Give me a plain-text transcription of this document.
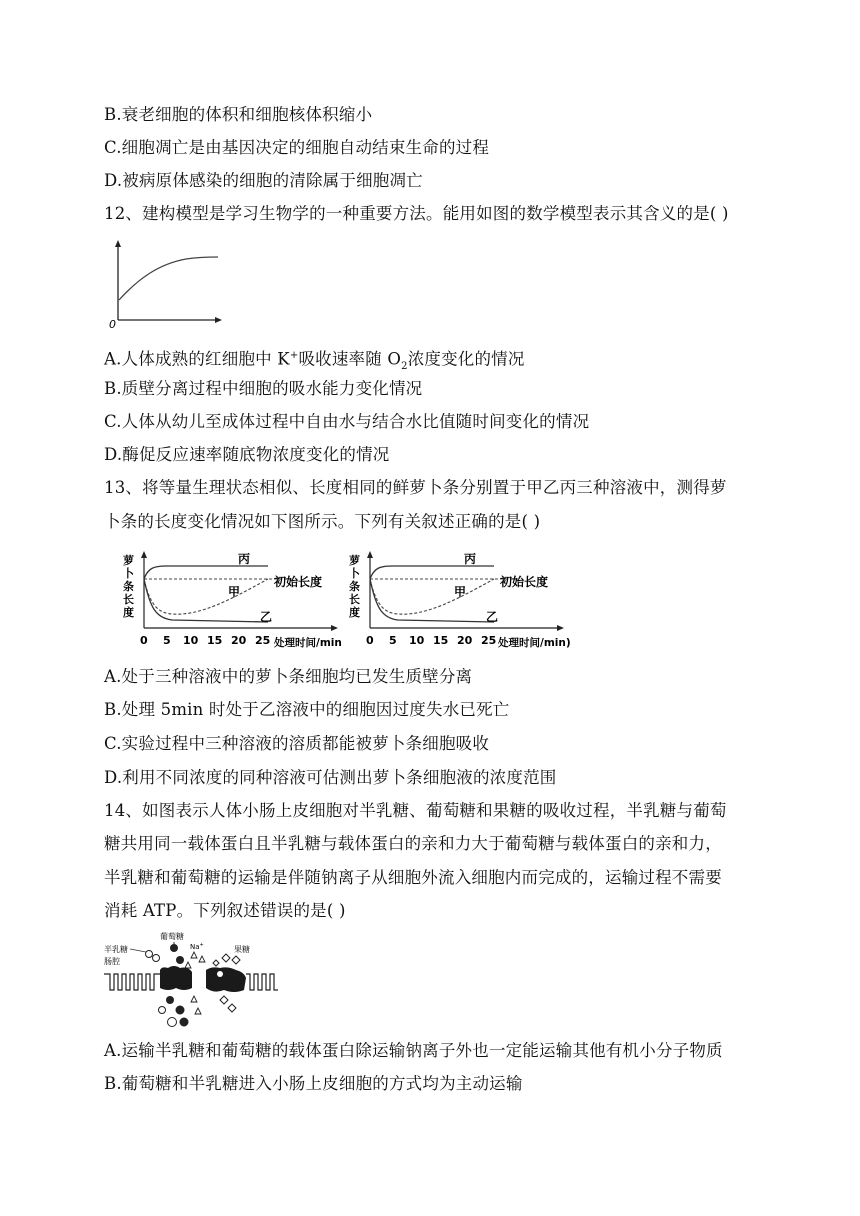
B.衰老细胞的体积和细胞核体积缩小
C.细胞凋亡是由基因决定的细胞自动结束生命的过程
D.被病原体感染的细胞的清除属于细胞凋亡
12、建构模型是学习生物学的一种重要方法。能用如图的数学模型表示其含义的是( )
0
A.人体成熟的红细胞中 K+吸收速率随 $O_2$浓度变化的情况
B.质壁分离过程中细胞的吸水能力变化情况
C.人体从幼儿至成体过程中自由水与结合水比值随时间变化的情况
D.酶促反应速率随底物浓度变化的情况
13、将等量生理状态相似、长度相同的鲜萝卜条分别置于甲乙丙三种溶液中，测得萝
卜条的长度变化情况如下图所示。下列有关叙述正确的是( )
萝
卜
条
长
度
丙
甲
乙
初始长度
0 5 10 15 20 25 处理时间/min
萝
卜
条
长
度
丙
甲
乙
初始长度
0 5 10 15 20 25 处理时间/min)
A.处于三种溶液中的萝卜条细胞均已发生质壁分离
B.处理 5min 时处于乙溶液中的细胞因过度失水已死亡
C.实验过程中三种溶液的溶质都能被萝卜条细胞吸收
D.利用不同浓度的同种溶液可估测出萝卜条细胞液的浓度范围
14、如图表示人体小肠上皮细胞对半乳糖、葡萄糖和果糖的吸收过程，半乳糖与葡萄
糖共用同一载体蛋白且半乳糖与载体蛋白的亲和力大于葡萄糖与载体蛋白的亲和力，
半乳糖和葡萄糖的运输是伴随钠离子从细胞外流入细胞内而完成的，运输过程不需要
消耗 ATP。下列叙述错误的是( )
半乳糖
肠腔
葡萄糖
Na+	果糖
A.运输半乳糖和葡萄糖的载体蛋白除运输钠离子外也一定能运输其他有机小分子物质
B.葡萄糖和半乳糖进入小肠上皮细胞的方式均为主动运输
